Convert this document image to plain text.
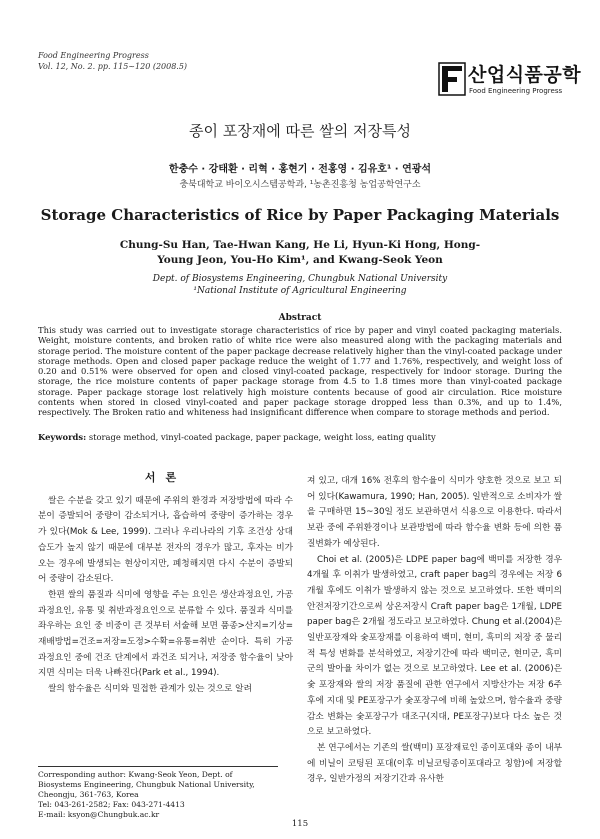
Food Engineering Progress
Vol. 12, No. 2. pp. 115~120 (2008.5)	산업식품공학
Food Engineering Progress
종이 포장재에 따른 쌀의 저장특성
한충수 · 강태환 · 리혁 · 홍현기 · 전홍영 · 김유호¹ · 연광석
충북대학교 바이오시스템공학과, ¹농촌진흥청 농업공학연구소
Storage Characteristics of Rice by Paper Packaging Materials
Chung-Su Han, Tae-Hwan Kang, He Li, Hyun-Ki Hong, Hong-Young Jeon, You-Ho Kim¹, and Kwang-Seok Yeon
Dept. of Biosystems Engineering, Chungbuk National University
¹National Institute of Agricultural Engineering
Abstract
This study was carried out to investigate storage characteristics of rice by paper and vinyl coated packaging materials. Weight, moisture contents, and broken ratio of white rice were also measured along with the packaging materials and storage period. The moisture content of the paper package decrease relatively higher than the vinyl-coated package under storage methods. Open and closed paper package reduce the weight of 1.77 and 1.76%, respectively, and weight loss of 0.20 and 0.51% were observed for open and closed vinyl-coated package, respectively for indoor storage. During the storage, the rice moisture contents of paper package storage from 4.5 to 1.8 times more than vinyl-coated package storage. Paper package storage lost relatively high moisture contents because of good air circulation. Rice moisture contents when stored in closed vinyl-coated and paper package storage dropped less than 0.3%, and up to 1.4%, respectively. The Broken ratio and whiteness had insignificant difference when compare to storage methods and period.
Keywords: storage method, vinyl-coated package, paper package, weight loss, eating quality
서론

쌀은 수분을 갖고 있기 때문에 주위의 환경과 저장방법에 따라 수분이 증발되어 중량이 감소되거나, 흡습하여 중량이 증가하는 경우가 있다(Mok & Lee, 1999). 그러나 우리나라의 기후 조건상 상대습도가 높지 않기 때문에 대부분 전자의 경우가 많고, 후자는 비가 오는 경우에 발생되는 현상이지만, 폐청해지면 다시 수분이 증발되어 중량이 감소된다.

한편 쌀의 품질과 식미에 영향을 주는 요인은 생산과정요인, 가공과정요인, 유통 및 취반과정요인으로 분류할 수 있다. 품질과 식미를 좌우하는 요인 중 비중이 큰 것부터 서술해 보면 품종>산지=기상=재배방법=건조=저장=도정>수확=유통=취반 순이다. 특히 가공과정요인 중에 건조 단계에서 과건조 되거나, 저장중 함수율이 낮아지면 식미는 더욱 나빠진다(Park et al., 1994).

쌀의 함수율은 식미와 밀접한 관계가 있는 것으로 알려

져 있고, 대개 16% 전후의 함수율이 식미가 양호한 것으로 보고 되어 있다(Kawamura, 1990; Han, 2005). 일반적으로 소비자가 쌀을 구매하면 15~30일 정도 보관하면서 식용으로 이용한다. 따라서 보관 중에 주위환경이나 보관방법에 따라 함수율 변화 등에 의한 품질변화가 예상된다.

Choi et al. (2005)은 LDPE paper bag에 백미를 저장한 경우 4개월 후 이취가 발생하였고, craft paper bag의 경우에는 저장 6개월 후에도 이취가 발생하지 않는 것으로 보고하였다. 또한 백미의 안전저장기간으로써 상온저장시 Craft paper bag은 1개월, LDPE paper bag은 2개월 정도라고 보고하였다. Chung et al.(2004)은 일반포장재와 숯포장재를 이용하여 백미, 현미, 흑미의 저장 중 물리적 특성 변화를 분석하였고, 저장기간에 따라 백미군, 현미군, 흑미군의 발아율 차이가 없는 것으로 보고하였다. Lee et al. (2006)은 숯 포장재와 쌀의 저장 품질에 관한 연구에서 지방산가는 저장 6주후에 지대 및 PE포장구가 숯포장구에 비해 높았으며, 함수율과 중량감소 변화는 숯포장구가 대조구(지대, PE포장구)보다 다소 높은 것으로 보고하였다.

본 연구에서는 기존의 쌀(백미) 포장재료인 종이포대와 종이 내부에 비닐이 코팅된 포대(이후 비닐코팅종이포대라고 칭함)에 저장할 경우, 일반가정의 저장기간과 유사한

Corresponding author: Kwang-Seok Yeon, Dept. of Biosystems Engineering, Chungbuk National University, Cheongju, 361-763, Korea
Tel: 043-261-2582; Fax: 043-271-4413
E-mail: ksyon@Chungbuk.ac.kr
115
